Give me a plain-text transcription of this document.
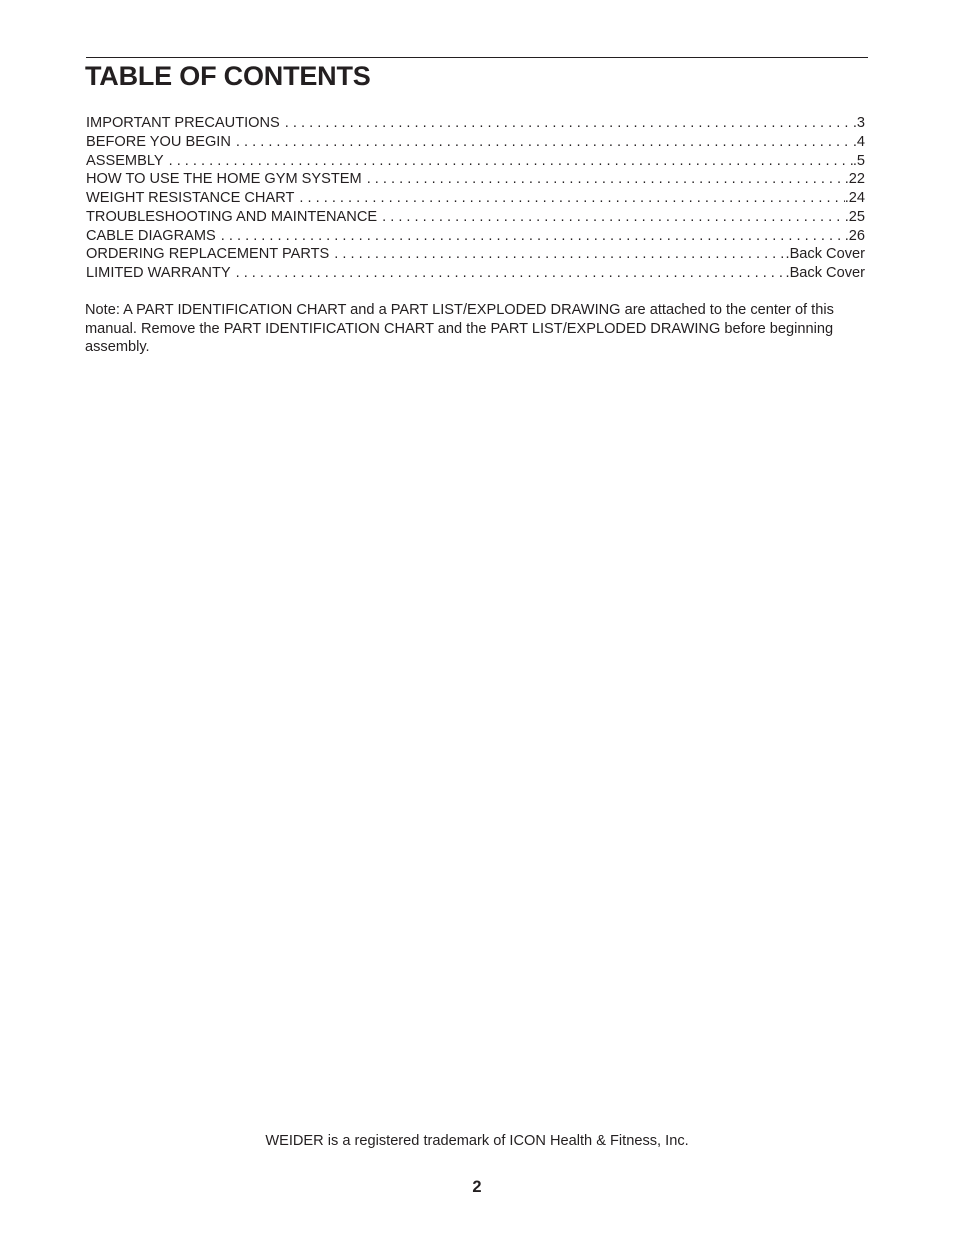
TABLE OF CONTENTS
IMPORTANT PRECAUTIONS . . .	. 3
BEFORE YOU BEGIN . . .	. 4
ASSEMBLY . . .	. 5
HOW TO USE THE HOME GYM SYSTEM . . .	. 22
WEIGHT RESISTANCE CHART . . .	. 24
TROUBLESHOOTING AND MAINTENANCE . . .	. 25
CABLE DIAGRAMS . . .	. 26
ORDERING REPLACEMENT PARTS . . .	. Back Cover
LIMITED WARRANTY . . .	. Back Cover

Note: A PART IDENTIFICATION CHART and a PART LIST/EXPLODED DRAWING are attached to the center of this manual. Remove the PART IDENTIFICATION CHART and the PART LIST/EXPLODED DRAWING before beginning assembly.

WEIDER is a registered trademark of ICON Health & Fitness, Inc.

2
